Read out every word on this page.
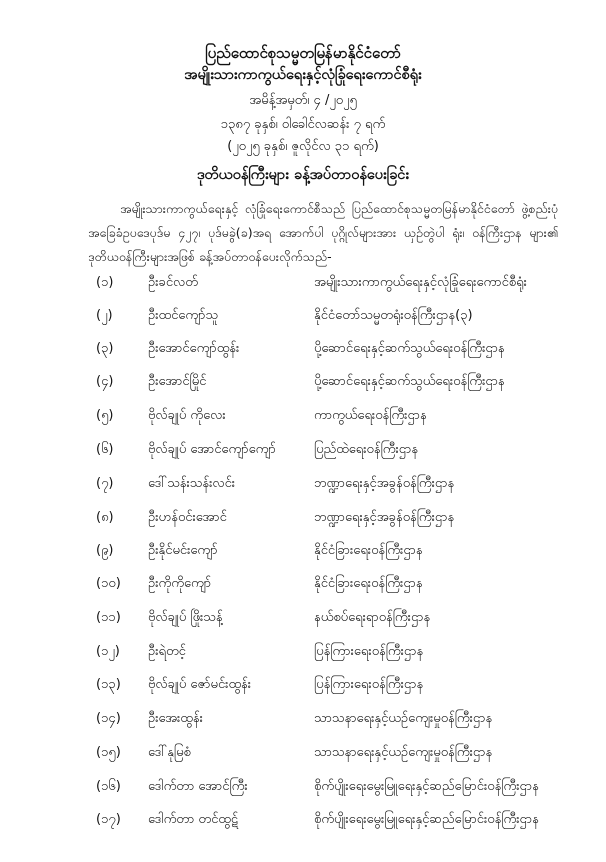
ပြည်ထောင်စုသမ္မတမြန်မာနိုင်ငံတော်
အမျိုးသားကာကွယ်ရေးနှင့်လုံခြုံရေးကောင်စီရုံး
အမိန့်အမှတ်၊ ၄ /၂၀၂၅
၁၃၈၇ ခုနှစ်၊ ဝါခေါင်လဆန်း ၇ ရက်
(၂၀၂၅ ခုနှစ်၊ ဇူလိုင်လ ၃၁ ရက်)
ဒုတိယဝန်ကြီးများ ခန့်အပ်တာဝန်ပေးခြင်း
အမျိုးသားကာကွယ်ရေးနှင့် လုံခြုံရေးကောင်စီသည် ပြည်ထောင်စုသမ္မတမြန်မာနိုင်ငံတော် ဖွဲ့စည်းပုံအခြေခံဥပဒေပုဒ်မ ၄၂၇၊ ပုဒ်မခွဲ(ခ)အရ အောက်ပါ ပုဂ္ဂိုလ်များအား ယှဉ်တွဲပါ ရုံး၊ ဝန်ကြီးဌာန များ၏ ဒုတိယဝန်ကြီးများအဖြစ် ခန့်အပ်တာဝန်ပေးလိုက်သည်-
(၁)	ဦးခင်လတ်	အမျိုးသားကာကွယ်ရေးနှင့်လုံခြုံရေးကောင်စီရုံး
(၂)	ဦးထင်ကျော်သူ	နိုင်ငံတော်သမ္မတရုံးဝန်ကြီးဌာန(၃)
(၃)	ဦးအောင်ကျော်ထွန်း	ပို့ဆောင်ရေးနှင့်ဆက်သွယ်ရေးဝန်ကြီးဌာန
(၄)	ဦးအောင်မြိုင်	ပို့ဆောင်ရေးနှင့်ဆက်သွယ်ရေးဝန်ကြီးဌာန
(၅)	ဗိုလ်ချုပ် ကိုလေး	ကာကွယ်ရေးဝန်ကြီးဌာန
(၆)	ဗိုလ်ချုပ် အောင်ကျော်ကျော်	ပြည်ထဲရေးဝန်ကြီးဌာန
(၇)	ဒေါ်သန်းသန်းလင်း	ဘဏ္ဍာရေးနှင့်အခွန်ဝန်ကြီးဌာန
(၈)	ဦးဟန်ဝင်းအောင်	ဘဏ္ဍာရေးနှင့်အခွန်ဝန်ကြီးဌာန
(၉)	ဦးနိုင်မင်းကျော်	နိုင်ငံခြားရေးဝန်ကြီးဌာန
(၁၀) ဦးကိုကိုကျော်	နိုင်ငံခြားရေးဝန်ကြီးဌာန
(၁၁) ဗိုလ်ချုပ် ဖြိုးသန့်	နယ်စပ်ရေးရာဝန်ကြီးဌာန
(၁၂) ဦးရဲတင့်	ပြန်ကြားရေးဝန်ကြီးဌာန
(၁၃) ဗိုလ်ချုပ် ဇော်မင်းထွန်း	ပြန်ကြားရေးဝန်ကြီးဌာန
(၁၄) ဦးအေးထွန်း	သာသနာရေးနှင့်ယဉ်ကျေးမှုဝန်ကြီးဌာန
(၁၅) ဒေါ်နုမြစံ	သာသနာရေးနှင့်ယဉ်ကျေးမှုဝန်ကြီးဌာန
(၁၆) ဒေါက်တာ အောင်ကြီး	စိုက်ပျိုးရေးမွေးမြူရေးနှင့်ဆည်မြောင်းဝန်ကြီးဌာန
(၁၇) ဒေါက်တာ တင်ထွဋ်	စိုက်ပျိုးရေးမွေးမြူရေးနှင့်ဆည်မြောင်းဝန်ကြီးဌာန
